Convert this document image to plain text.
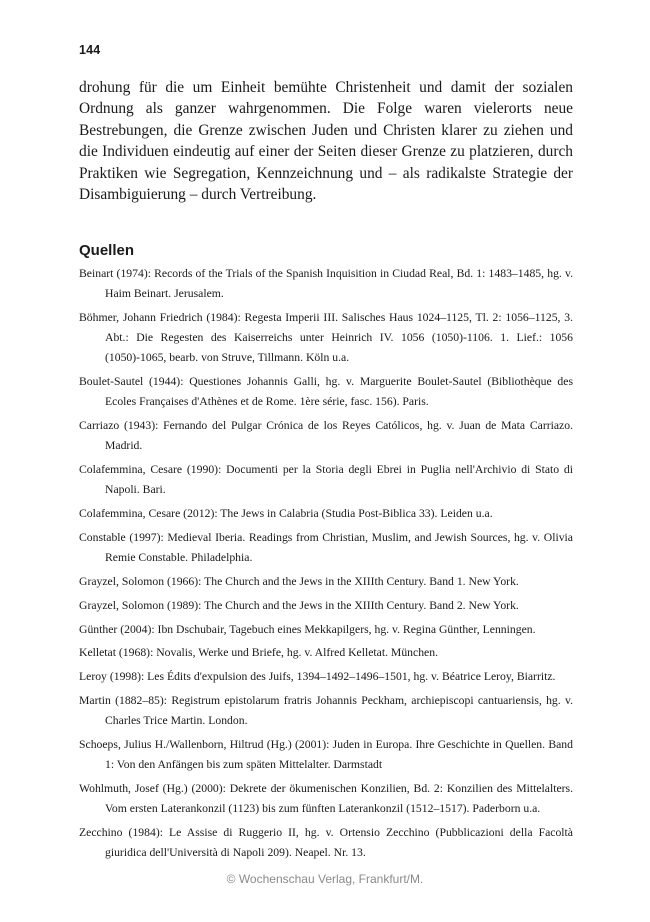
144

drohung für die um Einheit bemühte Christenheit und damit der sozialen Ordnung als ganzer wahrgenommen. Die Folge waren vielerorts neue Bestrebungen, die Grenze zwischen Juden und Christen klarer zu ziehen und die Individuen eindeutig auf einer der Seiten dieser Grenze zu platzieren, durch Praktiken wie Segregation, Kennzeichnung und – als radikalste Strategie der Disambiguierung – durch Vertreibung.

Quellen
Beinart (1974): Records of the Trials of the Spanish Inquisition in Ciudad Real, Bd. 1: 1483–1485, hg. v. Haim Beinart. Jerusalem.
Böhmer, Johann Friedrich (1984): Regesta Imperii III. Salisches Haus 1024–1125, Tl. 2: 1056–1125, 3. Abt.: Die Regesten des Kaiserreichs unter Heinrich IV. 1056 (1050)-1106. 1. Lief.: 1056 (1050)-1065, bearb. von Struve, Tillmann. Köln u.a.
Boulet-Sautel (1944): Questiones Johannis Galli, hg. v. Marguerite Boulet-Sautel (Bibliothèque des Ecoles Françaises d'Athènes et de Rome. 1ère série, fasc. 156). Paris.
Carriazo (1943): Fernando del Pulgar Crónica de los Reyes Católicos, hg. v. Juan de Mata Carriazo. Madrid.
Colafemmina, Cesare (1990): Documenti per la Storia degli Ebrei in Puglia nell'Archivio di Stato di Napoli. Bari.
Colafemmina, Cesare (2012): The Jews in Calabria (Studia Post-Biblica 33). Leiden u.a.
Constable (1997): Medieval Iberia. Readings from Christian, Muslim, and Jewish Sources, hg. v. Olivia Remie Constable. Philadelphia.
Grayzel, Solomon (1966): The Church and the Jews in the XIIIth Century. Band 1. New York.
Grayzel, Solomon (1989): The Church and the Jews in the XIIIth Century. Band 2. New York.
Günther (2004): Ibn Dschubair, Tagebuch eines Mekkapilgers, hg. v. Regina Günther, Lenningen.
Kelletat (1968): Novalis, Werke und Briefe, hg. v. Alfred Kelletat. München.
Leroy (1998): Les Édits d'expulsion des Juifs, 1394–1492–1496–1501, hg. v. Béatrice Leroy, Biarritz.
Martin (1882–85): Registrum epistolarum fratris Johannis Peckham, archiepiscopi cantuariensis, hg. v. Charles Trice Martin. London.
Schoeps, Julius H./Wallenborn, Hiltrud (Hg.) (2001): Juden in Europa. Ihre Geschichte in Quellen. Band 1: Von den Anfängen bis zum späten Mittelalter. Darmstadt
Wohlmuth, Josef (Hg.) (2000): Dekrete der ökumenischen Konzilien, Bd. 2: Konzilien des Mittelalters. Vom ersten Laterankonzil (1123) bis zum fünften Laterankonzil (1512–1517). Paderborn u.a.
Zecchino (1984): Le Assise di Ruggerio II, hg. v. Ortensio Zecchino (Pubblicazioni della Facoltà giuridica dell'Università di Napoli 209). Neapel. Nr. 13.
© Wochenschau Verlag, Frankfurt/M.
